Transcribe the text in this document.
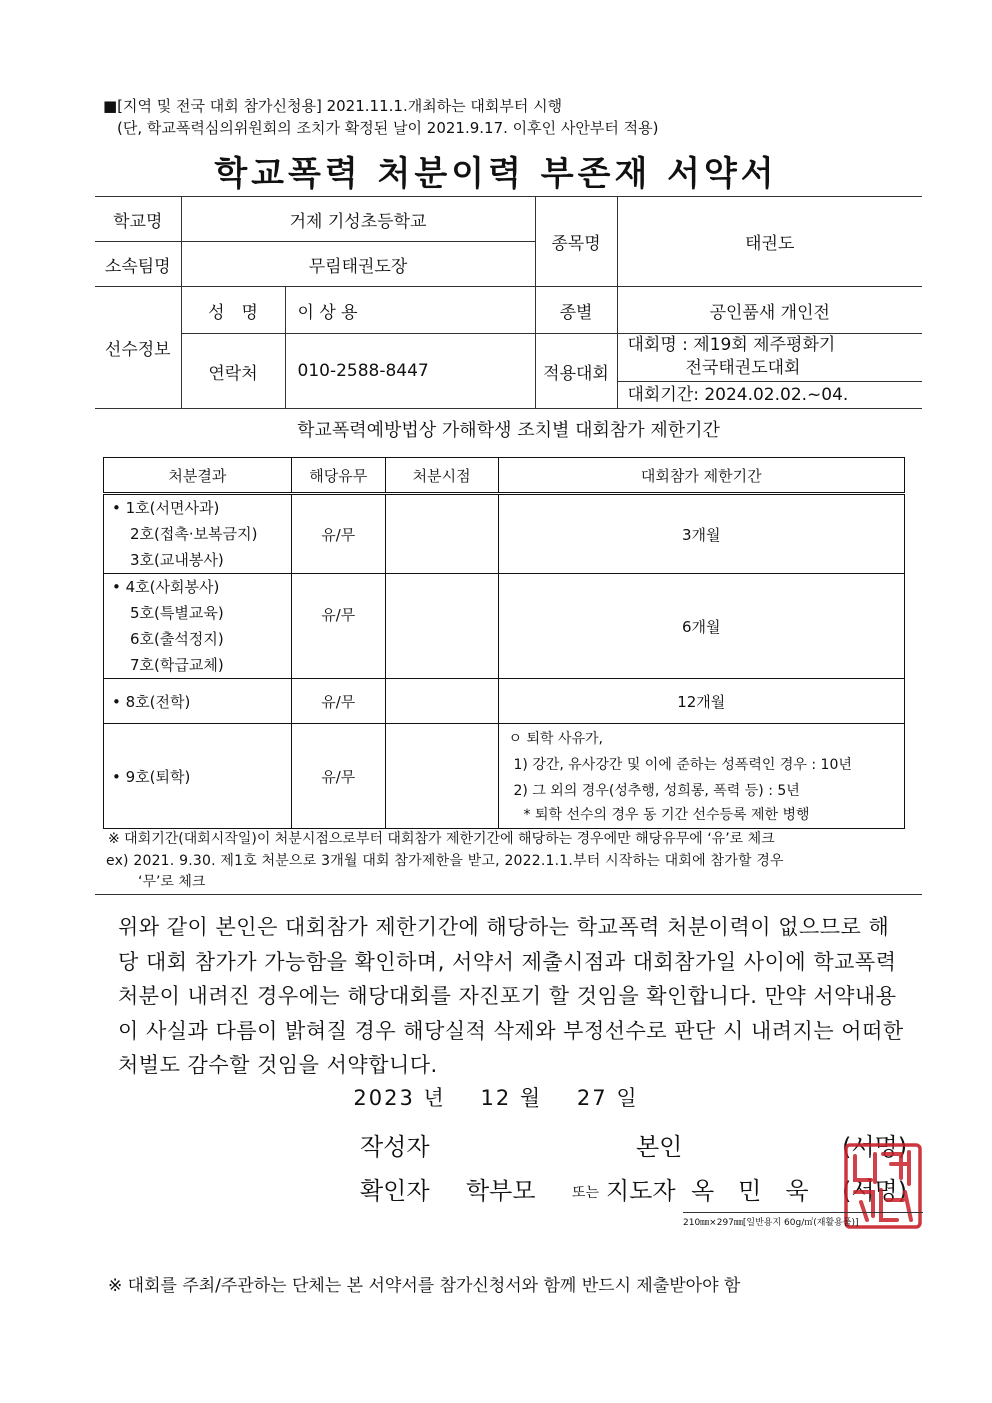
■[지역 및 전국 대회 참가신청용] 2021.11.1.개최하는 대회부터 시행
(단, 학교폭력심의위원회의 조치가 확정된 날이 2021.9.17. 이후인 사안부터 적용)
학교폭력 처분이력 부존재 서약서
학교명	거제 기성초등학교		종목명	태권도
소속팀명	무림태권도장			
선수정보	성　명	이 상 용	종별	공인품새 개인전
	연락처	010-2588-8447	적용대회	대회명 : 제19회 제주평화기
전국태권도대회
대회기간: 2024.02.02.~04.
학교폭력예방법상 가해학생 조치별 대회참가 제한기간
처분결과	해당유무	처분시점	대회참가 제한기간

• 1호(서면사과)
2호(접촉·보복금지)
3호(교내봉사)	유/무		3개월

• 4호(사회봉사)
5호(특별교육)
6호(출석정지)
7호(학급교체)	유/무		6개월
• 8호(전학)	유/무		12개월
• 9호(퇴학)	유/무		ㅇ 퇴학 사유가,
1) 강간, 유사강간 및 이에 준하는 성폭력인 경우 : 10년
2) 그 외의 경우(성추행, 성희롱, 폭력 등) : 5년
* 퇴학 선수의 경우 동 기간 선수등록 제한 병행
※ 대회기간(대회시작일)이 처분시점으로부터 대회참가 제한기간에 해당하는 경우에만 해당유무에 ‘유’로 체크
ex) 2021. 9.30. 제1호 처분으로 3개월 대회 참가제한을 받고, 2022.1.1.부터 시작하는 대회에 참가할 경우
‘무’로 체크
위와 같이 본인은 대회참가 제한기간에 해당하는 학교폭력 처분이력이 없으므로 해당 대회 참가가 가능함을 확인하며, 서약서 제출시점과 대회참가일 사이에 학교폭력 처분이 내려진 경우에는 해당대회를 자진포기 할 것임을 확인합니다. 만약 서약내용이 사실과 다름이 밝혀질 경우 해당실적 삭제와 부정선수로 판단 시 내려지는 어떠한 처벌도 감수할 것임을 서약합니다.
2023 년 12 월 27 일
작성자	본인	(서명)
확인자 학부모	또는 지도자 옥　민　욱 (서명)
210㎜×297㎜[일반용지 60g/㎡(재활용품)]
※ 대회를 주최/주관하는 단체는 본 서약서를 참가신청서와 함께 반드시 제출받아야 함
